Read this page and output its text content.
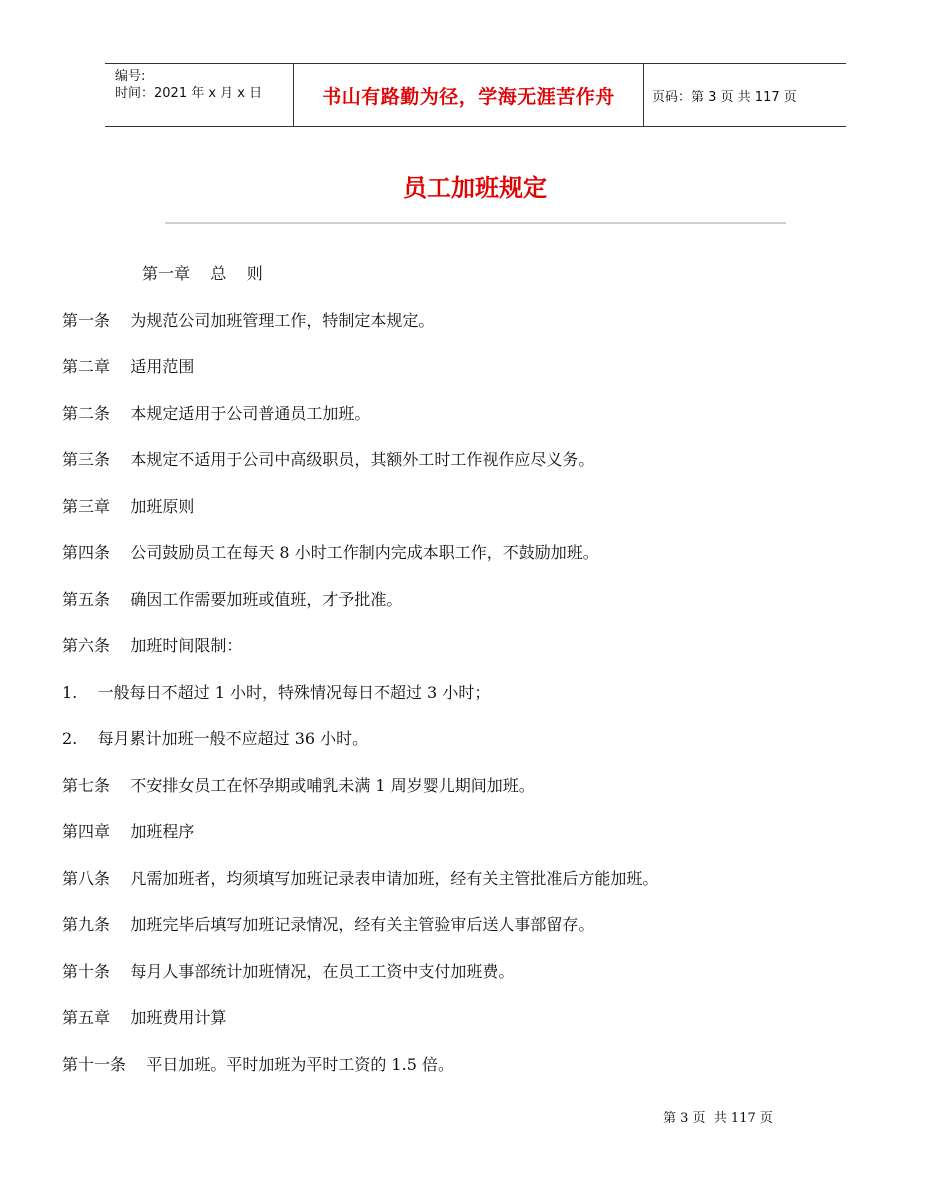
编号:
时间：2021 年 x 月 x 日	书山有路勤为径，学海无涯苦作舟	页码：第 3 页 共 117 页
员工加班规定
第一章    总    则
第一条    为规范公司加班管理工作，特制定本规定。
第二章    适用范围
第二条    本规定适用于公司普通员工加班。
第三条    本规定不适用于公司中高级职员，其额外工时工作视作应尽义务。
第三章    加班原则
第四条    公司鼓励员工在每天 8 小时工作制内完成本职工作，不鼓励加班。
第五条    确因工作需要加班或值班，才予批准。
第六条    加班时间限制：
1.    一般每日不超过 1 小时，特殊情况每日不超过 3 小时；
2.    每月累计加班一般不应超过 36 小时。
第七条    不安排女员工在怀孕期或哺乳未满 1 周岁婴儿期间加班。
第四章    加班程序
第八条    凡需加班者，均须填写加班记录表申请加班，经有关主管批准后方能加班。
第九条    加班完毕后填写加班记录情况，经有关主管验审后送人事部留存。
第十条    每月人事部统计加班情况，在员工工资中支付加班费。
第五章    加班费用计算
第十一条    平日加班。平时加班为平时工资的 1.5 倍。
第 3 页  共 117 页
